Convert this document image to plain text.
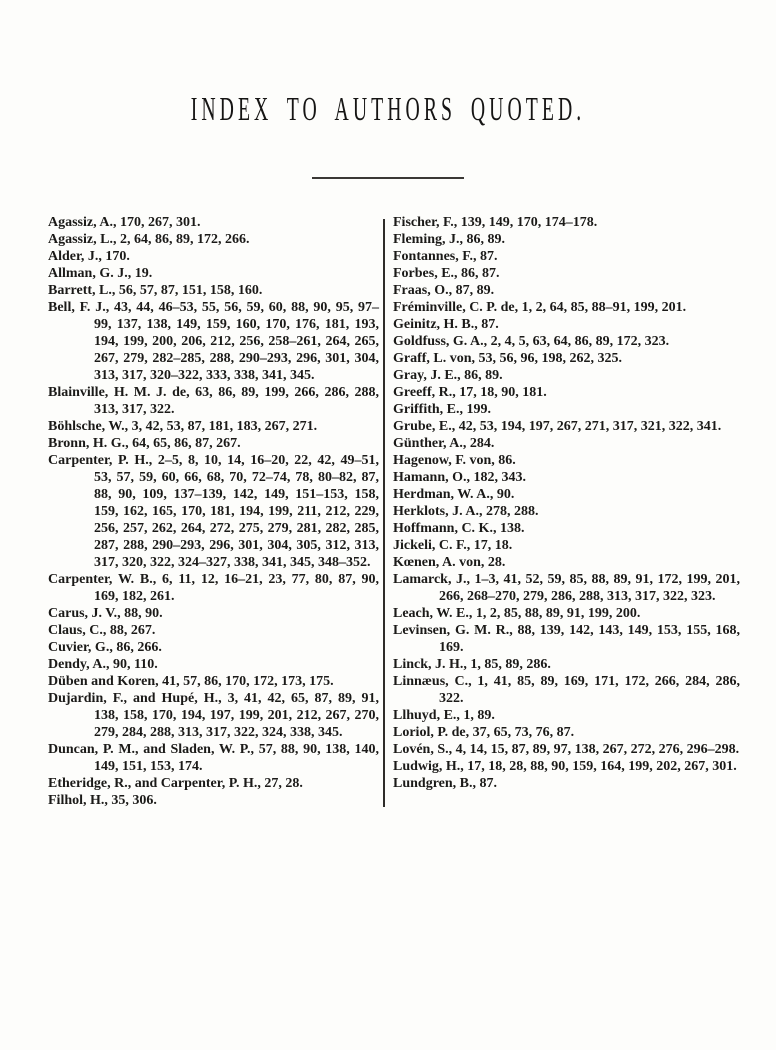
INDEX TO AUTHORS QUOTED.

Agassiz, A., 170, 267, 301.

Agassiz, L., 2, 64, 86, 89, 172, 266.

Alder, J., 170.

Allman, G. J., 19.

Barrett, L., 56, 57, 87, 151, 158, 160.

Bell, F. J., 43, 44, 46–53, 55, 56, 59, 60, 88, 90, 95, 97–99, 137, 138, 149, 159, 160, 170, 176, 181, 193, 194, 199, 200, 206, 212, 256, 258–261, 264, 265, 267, 279, 282–285, 288, 290–293, 296, 301, 304, 313, 317, 320–322, 333, 338, 341, 345.

Blainville, H. M. J. de, 63, 86, 89, 199, 266, 286, 288, 313, 317, 322.

Böhlsche, W., 3, 42, 53, 87, 181, 183, 267, 271.

Bronn, H. G., 64, 65, 86, 87, 267.

Carpenter, P. H., 2–5, 8, 10, 14, 16–20, 22, 42, 49–51, 53, 57, 59, 60, 66, 68, 70, 72–74, 78, 80–82, 87, 88, 90, 109, 137–139, 142, 149, 151–153, 158, 159, 162, 165, 170, 181, 194, 199, 211, 212, 229, 256, 257, 262, 264, 272, 275, 279, 281, 282, 285, 287, 288, 290–293, 296, 301, 304, 305, 312, 313, 317, 320, 322, 324–327, 338, 341, 345, 348–352.

Carpenter, W. B., 6, 11, 12, 16–21, 23, 77, 80, 87, 90, 169, 182, 261.

Carus, J. V., 88, 90.

Claus, C., 88, 267.

Cuvier, G., 86, 266.

Dendy, A., 90, 110.

Düben and Koren, 41, 57, 86, 170, 172, 173, 175.

Dujardin, F., and Hupé, H., 3, 41, 42, 65, 87, 89, 91, 138, 158, 170, 194, 197, 199, 201, 212, 267, 270, 279, 284, 288, 313, 317, 322, 324, 338, 345.

Duncan, P. M., and Sladen, W. P., 57, 88, 90, 138, 140, 149, 151, 153, 174.

Etheridge, R., and Carpenter, P. H., 27, 28.

Filhol, H., 35, 306.

Fischer, F., 139, 149, 170, 174–178.

Fleming, J., 86, 89.

Fontannes, F., 87.

Forbes, E., 86, 87.

Fraas, O., 87, 89.

Fréminville, C. P. de, 1, 2, 64, 85, 88–91, 199, 201.

Geinitz, H. B., 87.

Goldfuss, G. A., 2, 4, 5, 63, 64, 86, 89, 172, 323.

Graff, L. von, 53, 56, 96, 198, 262, 325.

Gray, J. E., 86, 89.

Greeff, R., 17, 18, 90, 181.

Griffith, E., 199.

Grube, E., 42, 53, 194, 197, 267, 271, 317, 321, 322, 341.

Günther, A., 284.

Hagenow, F. von, 86.

Hamann, O., 182, 343.

Herdman, W. A., 90.

Herklots, J. A., 278, 288.

Hoffmann, C. K., 138.

Jickeli, C. F., 17, 18.

Kœnen, A. von, 28.

Lamarck, J., 1–3, 41, 52, 59, 85, 88, 89, 91, 172, 199, 201, 266, 268–270, 279, 286, 288, 313, 317, 322, 323.

Leach, W. E., 1, 2, 85, 88, 89, 91, 199, 200.

Levinsen, G. M. R., 88, 139, 142, 143, 149, 153, 155, 168, 169.

Linck, J. H., 1, 85, 89, 286.

Linnæus, C., 1, 41, 85, 89, 169, 171, 172, 266, 284, 286, 322.

Llhuyd, E., 1, 89.

Loriol, P. de, 37, 65, 73, 76, 87.

Lovén, S., 4, 14, 15, 87, 89, 97, 138, 267, 272, 276, 296–298.

Ludwig, H., 17, 18, 28, 88, 90, 159, 164, 199, 202, 267, 301.

Lundgren, B., 87.
